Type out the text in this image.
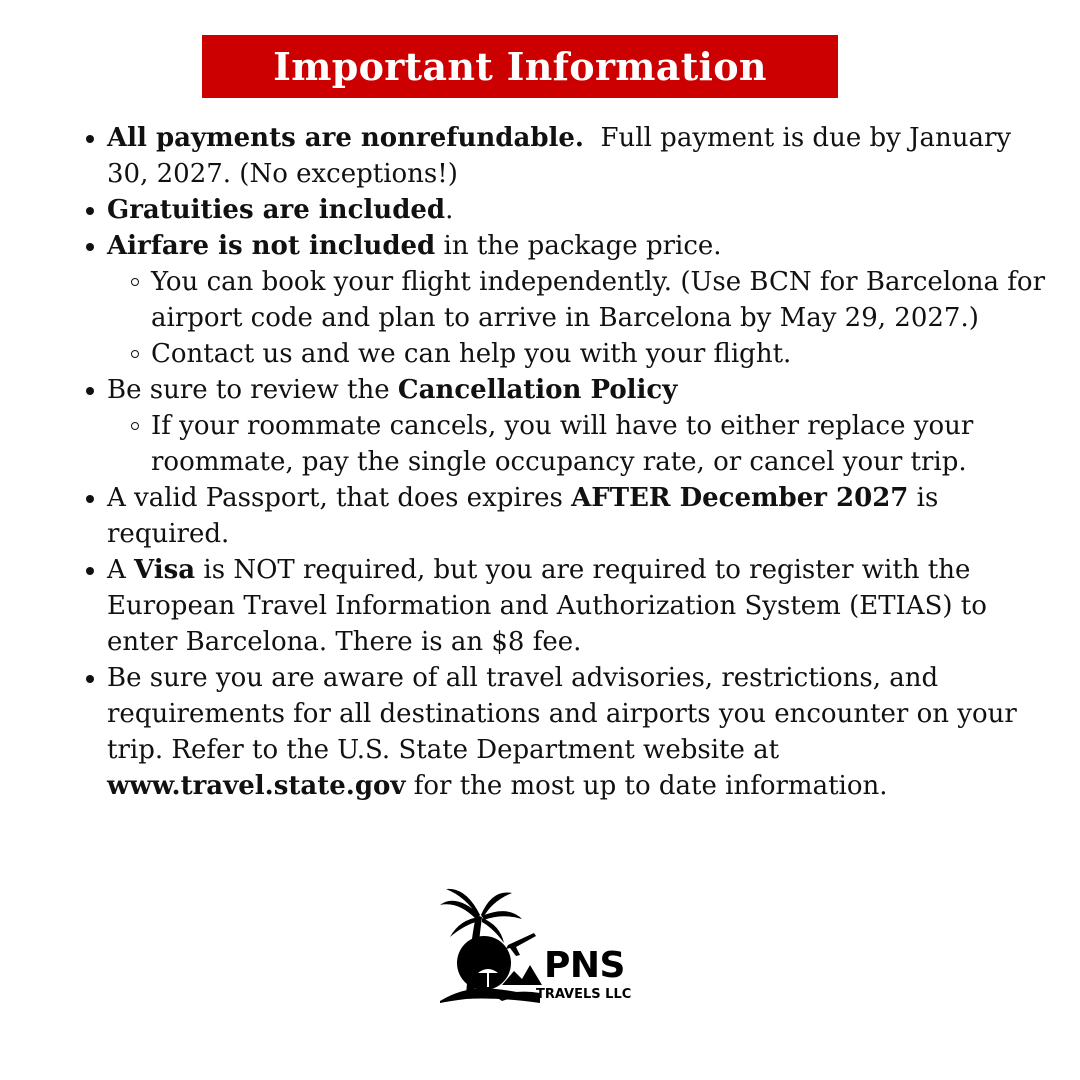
Important Information
All payments are nonrefundable.  Full payment is due by January 30, 2027. (No exceptions!)
Gratuities are included.
Airfare is not included in the package price.
You can book your flight independently. (Use BCN for Barcelona for airport code and plan to arrive in Barcelona by May 29, 2027.)
Contact us and we can help you with your flight.
Be sure to review the Cancellation Policy
If your roommate cancels, you will have to either replace your roommate, pay the single occupancy rate, or cancel your trip.
A valid Passport, that does expires AFTER December 2027 is required.
A Visa is NOT required, but you are required to register with the European Travel Information and Authorization System (ETIAS) to enter Barcelona. There is an $8 fee.
Be sure you are aware of all travel advisories, restrictions, and requirements for all destinations and airports you encounter on your trip. Refer to the U.S. State Department website at www.travel.state.gov for the most up to date information.
PNS
TRAVELS LLC
